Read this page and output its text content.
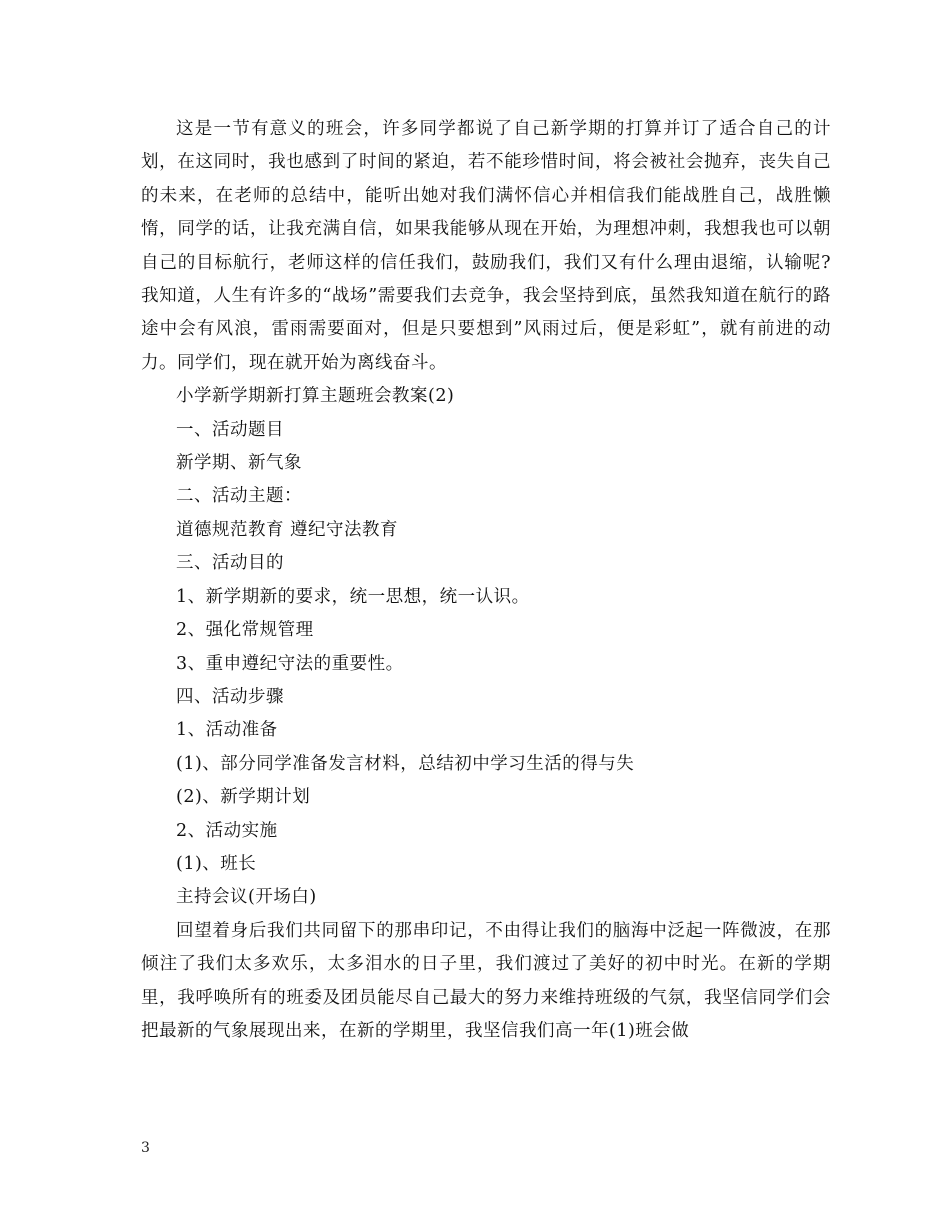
这是一节有意义的班会，许多同学都说了自己新学期的打算并订了适合自己的计划，在这同时，我也感到了时间的紧迫，若不能珍惜时间，将会被社会抛弃，丧失自己的未来，在老师的总结中，能听出她对我们满怀信心并相信我们能战胜自己，战胜懒惰，同学的话，让我充满自信，如果我能够从现在开始，为理想冲刺，我想我也可以朝自己的目标航行，老师这样的信任我们，鼓励我们，我们又有什么理由退缩，认输呢?我知道，人生有许多的“战场”需要我们去竞争，我会坚持到底，虽然我知道在航行的路途中会有风浪，雷雨需要面对，但是只要想到”风雨过后，便是彩虹”，就有前进的动力。同学们，现在就开始为离线奋斗。

小学新学期新打算主题班会教案(2)

一、活动题目

新学期、新气象

二、活动主题：

道德规范教育 遵纪守法教育

三、活动目的

1、新学期新的要求，统一思想，统一认识。

2、强化常规管理

3、重申遵纪守法的重要性。

四、活动步骤

1、活动准备

(1)、部分同学准备发言材料，总结初中学习生活的得与失

(2)、新学期计划

2、活动实施

(1)、班长

主持会议(开场白)

回望着身后我们共同留下的那串印记，不由得让我们的脑海中泛起一阵微波，在那倾注了我们太多欢乐，太多泪水的日子里，我们渡过了美好的初中时光。在新的学期里，我呼唤所有的班委及团员能尽自己最大的努力来维持班级的气氛，我坚信同学们会把最新的气象展现出来，在新的学期里，我坚信我们高一年(1)班会做

3
